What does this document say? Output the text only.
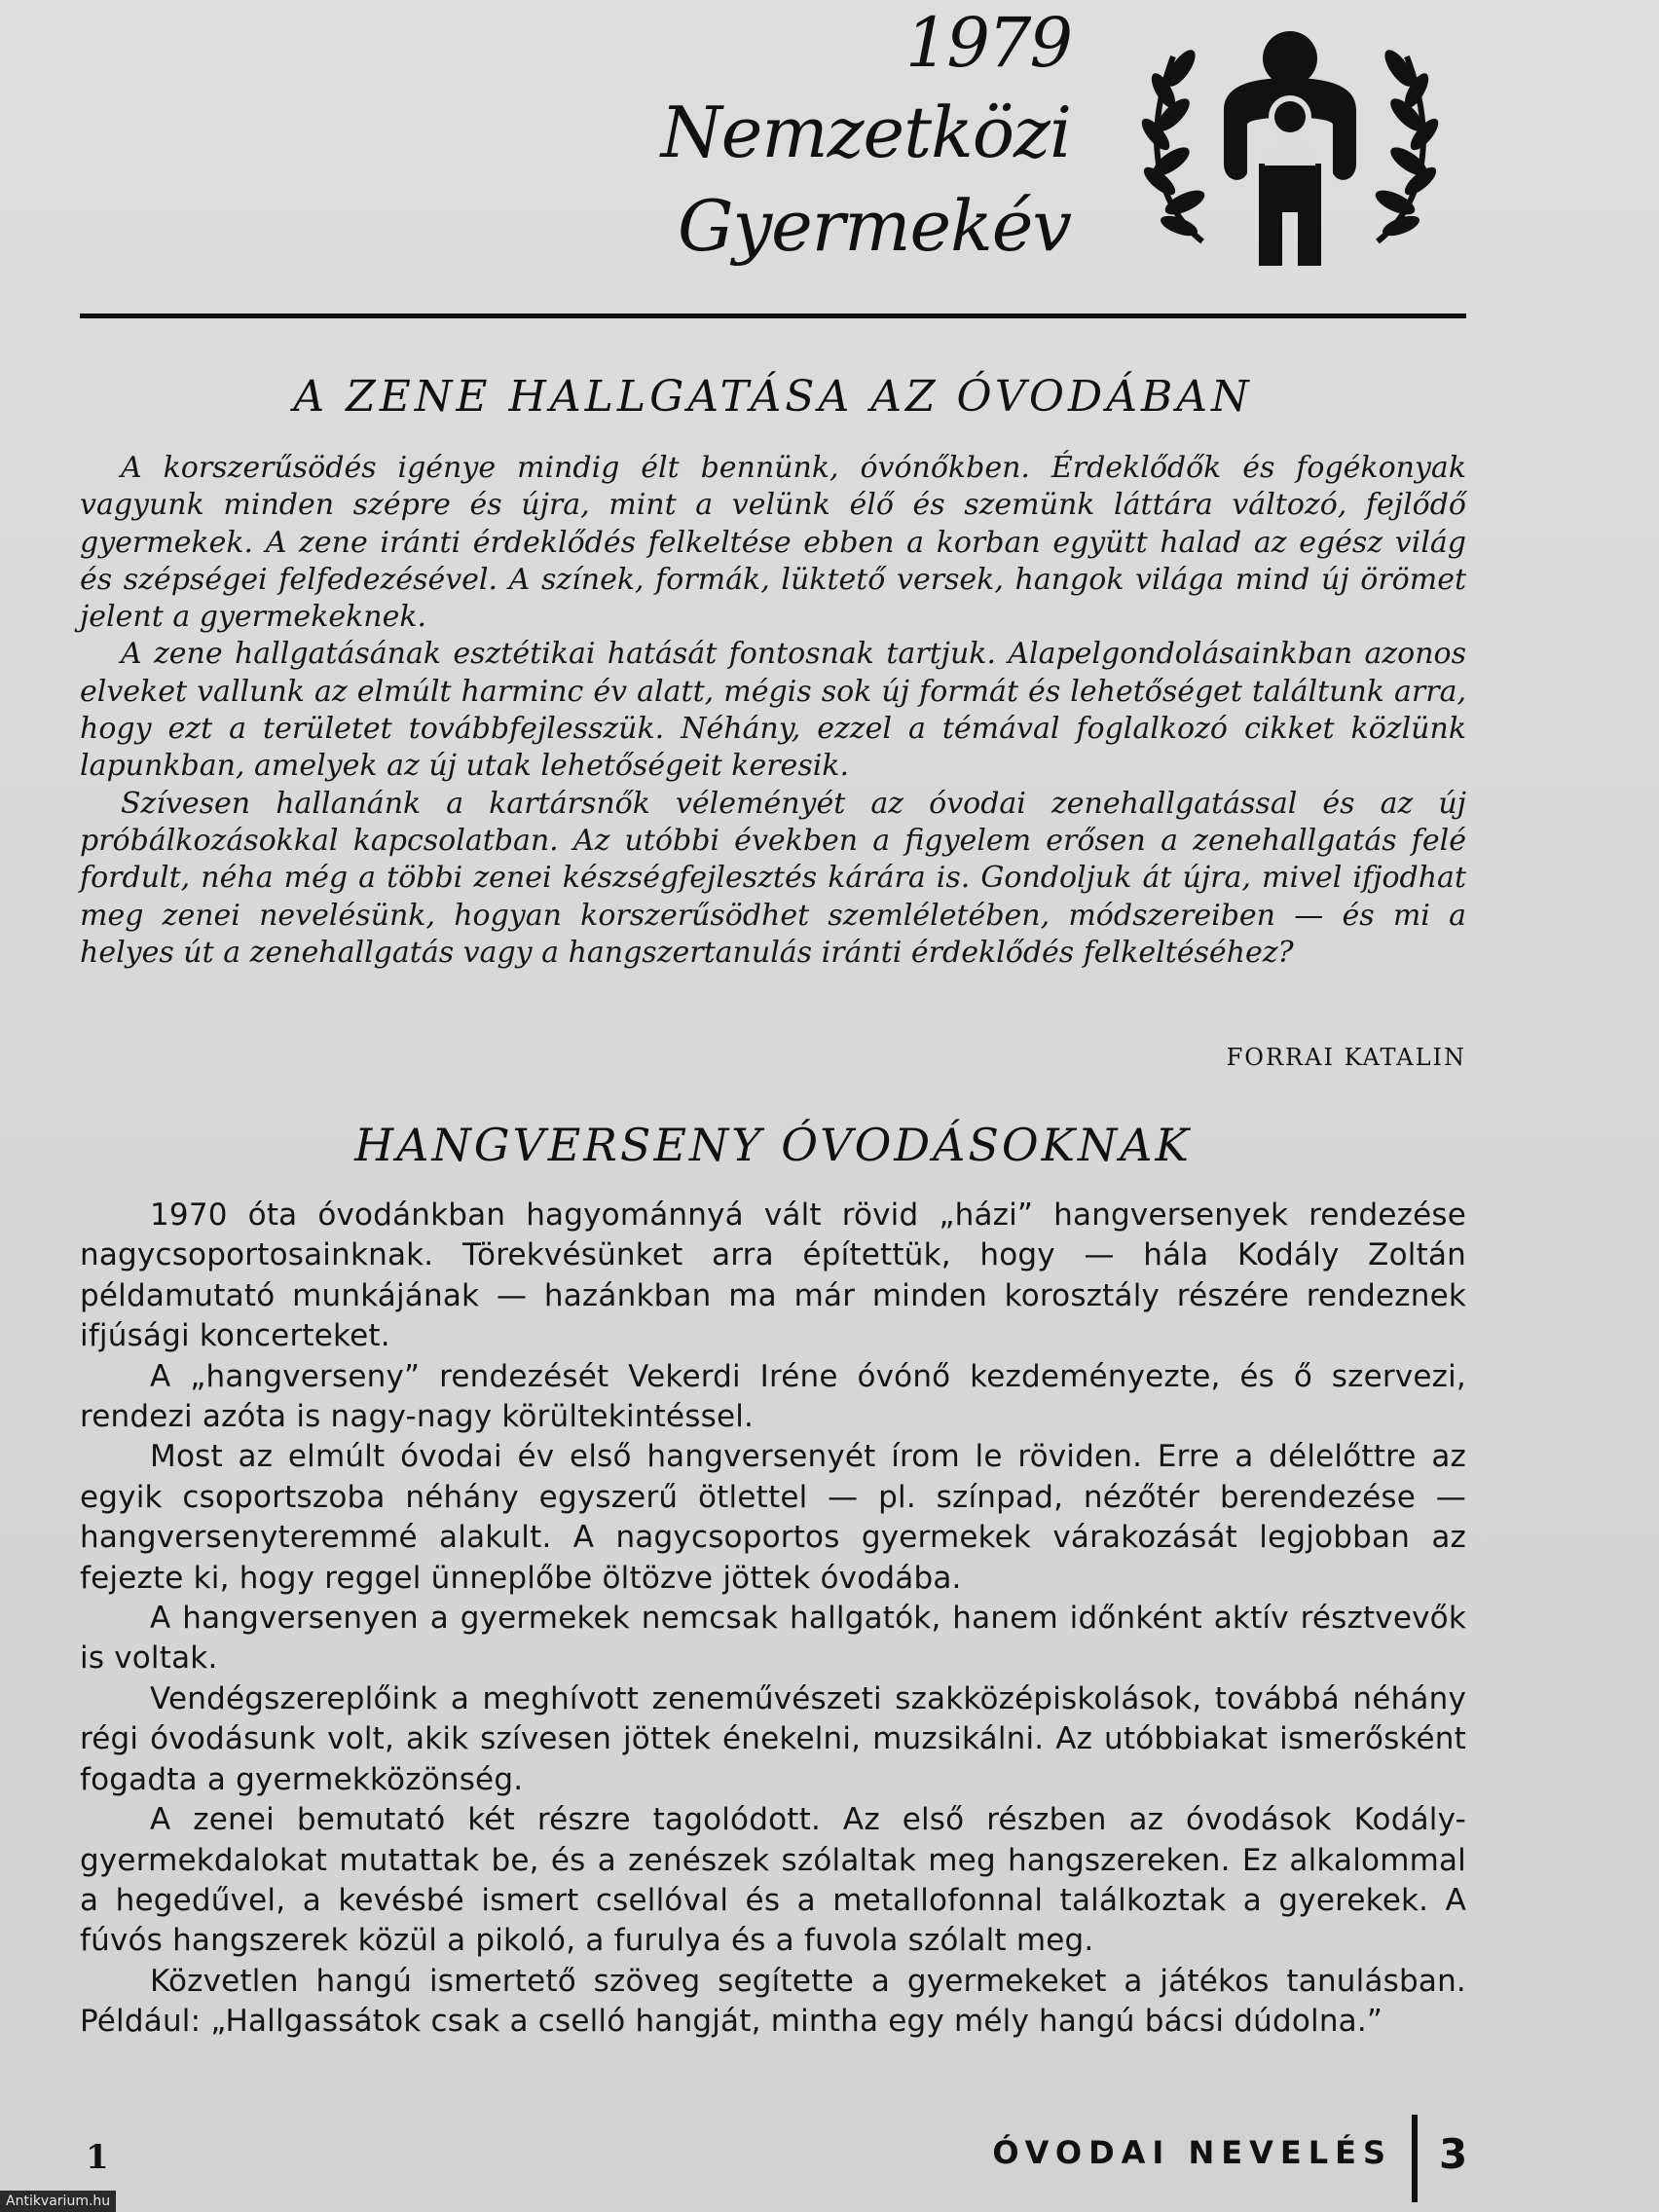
1979
Nemzetközi
Gyermekév
A ZENE HALLGATÁSA AZ ÓVODÁBAN

A korszerűsödés igénye mindig élt bennünk, óvónőkben. Érdeklődők és fogékonyak vagyunk minden szépre és újra, mint a velünk élő és szemünk láttára változó, fejlődő gyermekek. A zene iránti érdeklődés felkeltése ebben a korban együtt halad az egész világ és szépségei felfedezésével. A színek, formák, lüktető versek, hangok világa mind új örömet jelent a gyermekeknek.

A zene hallgatásának esztétikai hatását fontosnak tartjuk. Alapelgondolásainkban azonos elveket vallunk az elmúlt harminc év alatt, mégis sok új formát és lehetőséget találtunk arra, hogy ezt a területet továbbfejlesszük. Néhány, ezzel a témával foglalkozó cikket közlünk lapunkban, amelyek az új utak lehetőségeit keresik.

Szívesen hallanánk a kartársnők véleményét az óvodai zenehallgatással és az új próbálkozásokkal kapcsolatban. Az utóbbi években a figyelem erősen a zenehallgatás felé fordult, néha még a többi zenei készségfejlesztés kárára is. Gondoljuk át újra, mivel ifjodhat meg zenei nevelésünk, hogyan korszerűsödhet szemléletében, módszereiben — és mi a helyes út a zenehallgatás vagy a hangszertanulás iránti érdeklődés felkeltéséhez?

FORRAI KATALIN
HANGVERSENY ÓVODÁSOKNAK

1970 óta óvodánkban hagyománnyá vált rövid „házi” hangversenyek rendezése nagycsoportosainknak. Törekvésünket arra építettük, hogy — hála Kodály Zoltán példamutató munkájának — hazánkban ma már minden korosztály részére rendeznek ifjúsági koncerteket.

A „hangverseny” rendezését Vekerdi Iréne óvónő kezdeményezte, és ő szervezi, rendezi azóta is nagy-nagy körültekintéssel.

Most az elmúlt óvodai év első hangversenyét írom le röviden. Erre a délelőttre az egyik csoportszoba néhány egyszerű ötlettel — pl. színpad, nézőtér berendezése — hangversenyteremmé alakult. A nagycsoportos gyermekek várakozását legjobban az fejezte ki, hogy reggel ünneplőbe öltözve jöttek óvodába.

A hangversenyen a gyermekek nemcsak hallgatók, hanem időnként aktív résztvevők is voltak.

Vendégszereplőink a meghívott zeneművészeti szakközépiskolások, továbbá néhány régi óvodásunk volt, akik szívesen jöttek énekelni, muzsikálni. Az utóbbiakat ismerősként fogadta a gyermekközönség.

A zenei bemutató két részre tagolódott. Az első részben az óvodások Kodály-gyermekdalokat mutattak be, és a zenészek szólaltak meg hangszereken. Ez alkalommal a hegedűvel, a kevésbé ismert csellóval és a metallofonnal találkoztak a gyerekek. A fúvós hangszerek közül a pikoló, a furulya és a fuvola szólalt meg.

Közvetlen hangú ismertető szöveg segítette a gyermekeket a játékos tanulásban. Például: „Hallgassátok csak a cselló hangját, mintha egy mély hangú bácsi dúdolna.”

1	ÓVODAI NEVELÉS 3
Antikvarium.hu
